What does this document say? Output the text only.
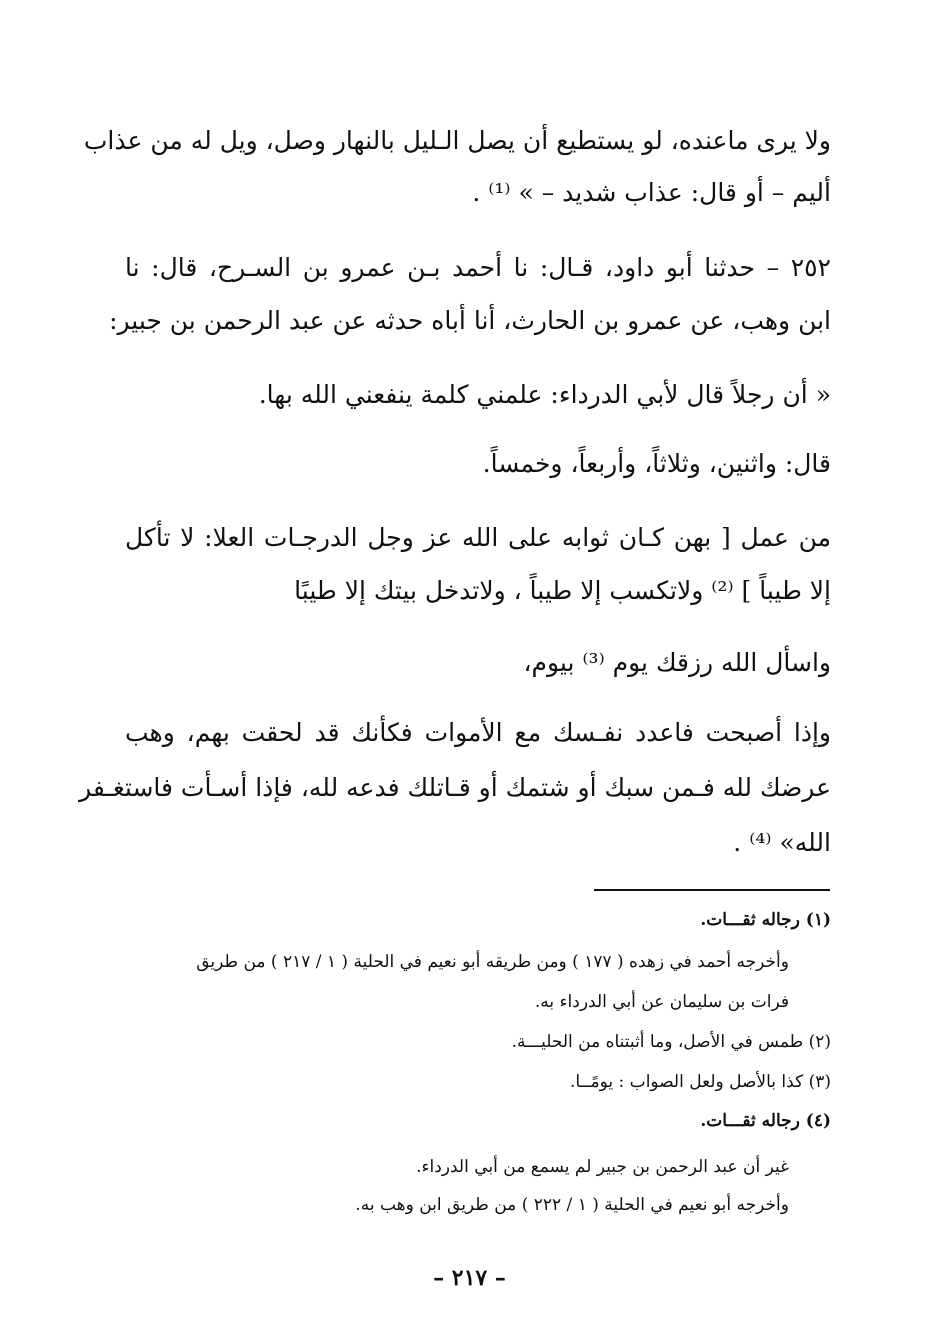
ولا يرى ماعنده، لو يستطيع أن يصل الـليل بالنهار وصل، ويل له من عذاب
أليم – أو قال: عذاب شديد – » ⁽¹⁾ .
٢٥٢ – حدثنا أبو داود، قـال: نا أحمد بـن عمرو بن السـرح، قال: نا
ابن وهب، عن عمرو بن الحارث، أنا أباه حدثه عن عبد الرحمن بن جبير:
« أن رجلاً قال لأبي الدرداء: علمني كلمة ينفعني الله بها.
قال: واثنين، وثلاثاً، وأربعاً، وخمساً.
من عمل [ بهن كـان ثوابه على الله عز وجل الدرجـات العلا: لا تأكل
إلا طيباً ] ⁽²⁾ ولاتكسب إلا طيباً ، ولاتدخل بيتك إلا طيبًا
واسأل الله رزقك يوم ⁽³⁾ بيوم،
وإذا أصبحت فاعدد نفـسك مع الأموات فكأنك قد لحقت بهم، وهب
عرضك لله فـمن سبك أو شتمك أو قـاتلك فدعه لله، فإذا أسـأت فاستغـفر
الله» ⁽⁴⁾ .
(١) رجاله ثقـــات.
وأخرجه أحمد في زهده ( ١٧٧ ) ومن طريقه أبو نعيم في الحلية ( ١ / ٢١٧ ) من طريق
فرات بن سليمان عن أبي الدرداء به.
(٢) طمس في الأصل، وما أثبتناه من الحليـــة.
(٣) كذا بالأصل ولعل الصواب : يومًــا.
(٤) رجاله ثقـــات.
غير أن عبد الرحمن بن جبير لم يسمع من أبي الدرداء.
وأخرجه أبو نعيم في الحلية ( ١ / ٢٢٢ ) من طريق ابن وهب به.
– ٢١٧ –
